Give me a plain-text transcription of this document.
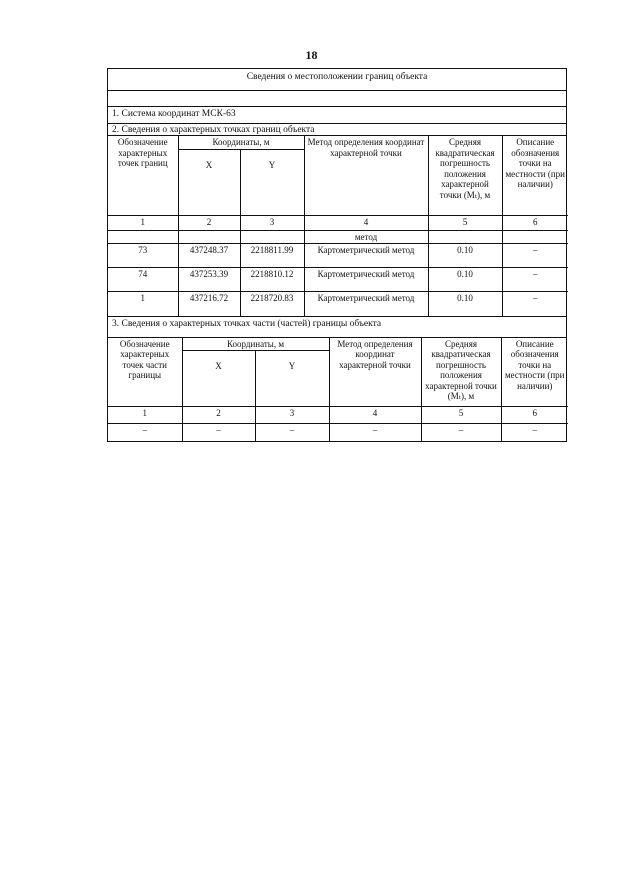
18
Сведения о местоположении границ объекта
1. Система координат МСК-63
2. Сведения о характерных точках границ объекта
Обозначение характерных точек границ	Координаты, м		Метод определения координат характерной точки	Средняя квадратическая погрешность положения характерной точки (Mₜ), м	Описание обозначения точки на местности (при наличии)
	X	Y			
1	2	3	4	5	6
			метод		
73	437248.37	2218811.99	Картометрический метод	0.10	–
74	437253.39	2218810.12	Картометрический метод	0.10	–
1	437216.72	2218720.83	Картометрический метод	0.10	–
3. Сведения о характерных точках части (частей) границы объекта
Обозначение характерных точек части границы	Координаты, м		Метод определения координат характерной точки	Средняя квадратическая погрешность положения характерной точки (Mₜ), м	Описание обозначения точки на местности (при наличии)
	X	Y			
1	2	3	4	5	6
–	–	–	–	–	–
